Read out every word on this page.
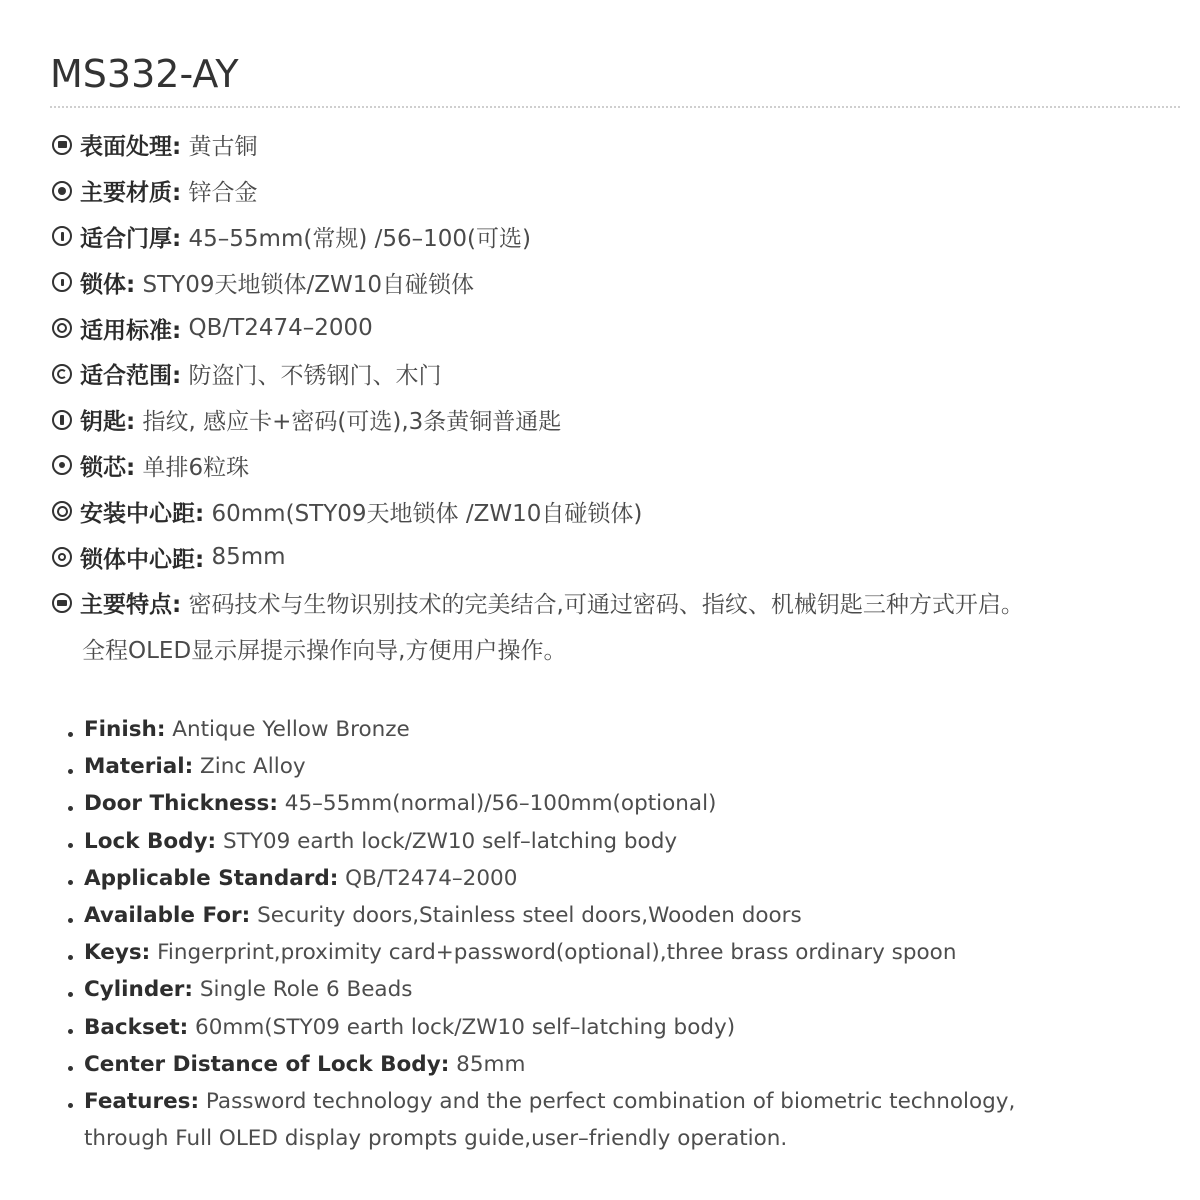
MS332-AY
表面处理: 黄古铜
主要材质: 锌合金
适合门厚: 45–55mm(常规) /56–100(可选)
锁体: STY09天地锁体/ZW10自碰锁体
适用标准: QB/T2474–2000
适合范围: 防盗门、不锈钢门、木门
钥匙: 指纹, 感应卡+密码(可选),3条黄铜普通匙
锁芯: 单排6粒珠
安装中心距: 60mm(STY09天地锁体 /ZW10自碰锁体)
锁体中心距: 85mm
主要特点: 密码技术与生物识别技术的完美结合,可通过密码、指纹、机械钥匙三种方式开启。
全程OLED显示屏提示操作向导,方便用户操作。
Finish: Antique Yellow Bronze
Material: Zinc Alloy
Door Thickness: 45–55mm(normal)/56–100mm(optional)
Lock Body: STY09 earth lock/ZW10 self–latching body
Applicable Standard: QB/T2474–2000
Available For: Security doors,Stainless steel doors,Wooden doors
Keys: Fingerprint,proximity card+password(optional),three brass ordinary spoon
Cylinder: Single Role 6 Beads
Backset: 60mm(STY09 earth lock/ZW10 self–latching body)
Center Distance of Lock Body: 85mm
Features: Password technology and the perfect combination of biometric technology,
through Full OLED display prompts guide,user–friendly operation.
